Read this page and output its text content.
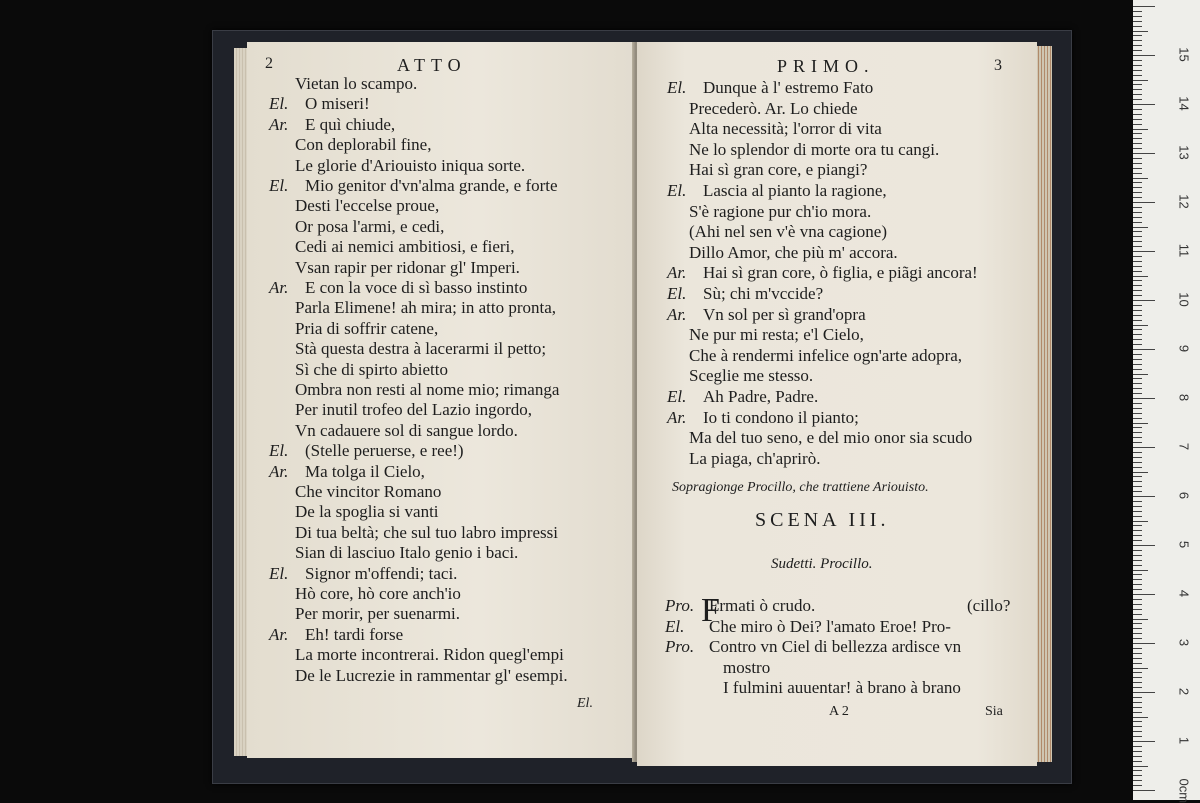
2	ATTO
Vietan lo scampo.
El. O miseri!
Ar. E quì chiude,
Con deplorabil fine,
Le glorie d'Ariouisto iniqua sorte.
El. Mio genitor d'vn'alma grande, e forte
Desti l'eccelse proue,
Or posa l'armi, e cedi,
Cedi ai nemici ambitiosi, e fieri,
Vsan rapir per ridonar gl' Imperi.
Ar. E con la voce di sì basso instinto
Parla Elimene! ah mira; in atto pronta,
Pria di soffrir catene,
Stà questa destra à lacerarmi il petto;
Sì che di spirto abietto
Ombra non resti al nome mio; rimanga
Per inutil trofeo del Lazio ingordo,
Vn cadauere sol di sangue lordo.
El. (Stelle peruerse, e ree!)
Ar. Ma tolga il Cielo,
Che vincitor Romano
De la spoglia si vanti
Di tua beltà; che sul tuo labro impressi
Sian di lasciuo Italo genio i baci.
El. Signor m'offendi; taci.
Hò core, hò core anch'io
Per morir, per suenarmi.
Ar. Eh! tardi forse
La morte incontrerai. Ridon quegl'empi
De le Lucrezie in rammentar gl' esempi.
El.
PRIMO.	3
El. Dunque à l' estremo Fato
Precederò. Ar. Lo chiede
Alta necessità; l'orror di vita
Ne lo splendor di morte ora tu cangi.
Hai sì gran core, e piangi?
El. Lascia al pianto la ragione,
S'è ragione pur ch'io mora.
(Ahi nel sen v'è vna cagione)
Dillo Amor, che più m' accora.
Ar. Hai sì gran core, ò figlia, e piãgi ancora!
El. Sù; chi m'vccide?
Ar. Vn sol per sì grand'opra
Ne pur mi resta; e'l Cielo,
Che à rendermi infelice ogn'arte adopra,
Sceglie me stesso.
El. Ah Padre, Padre.
Ar. Io ti condono il pianto;
Ma del tuo seno, e del mio onor sia scudo
La piaga, ch'aprirò.
Sopragionge Procillo, che trattiene Ariouisto.
SCENA III.
Sudetti. Procillo.
Pro. Ermati ò crudo.	(cillo?
El. Che miro ò Dei? l'amato Eroe! Pro-
Pro. Contro vn Ciel di bellezza ardisce vn
mostro
I fulmini auuentar! à brano à brano
A 2	Sia
F
15
14
13
12
11
10
9
8
7
6
5
4
3
2
1
0cm
